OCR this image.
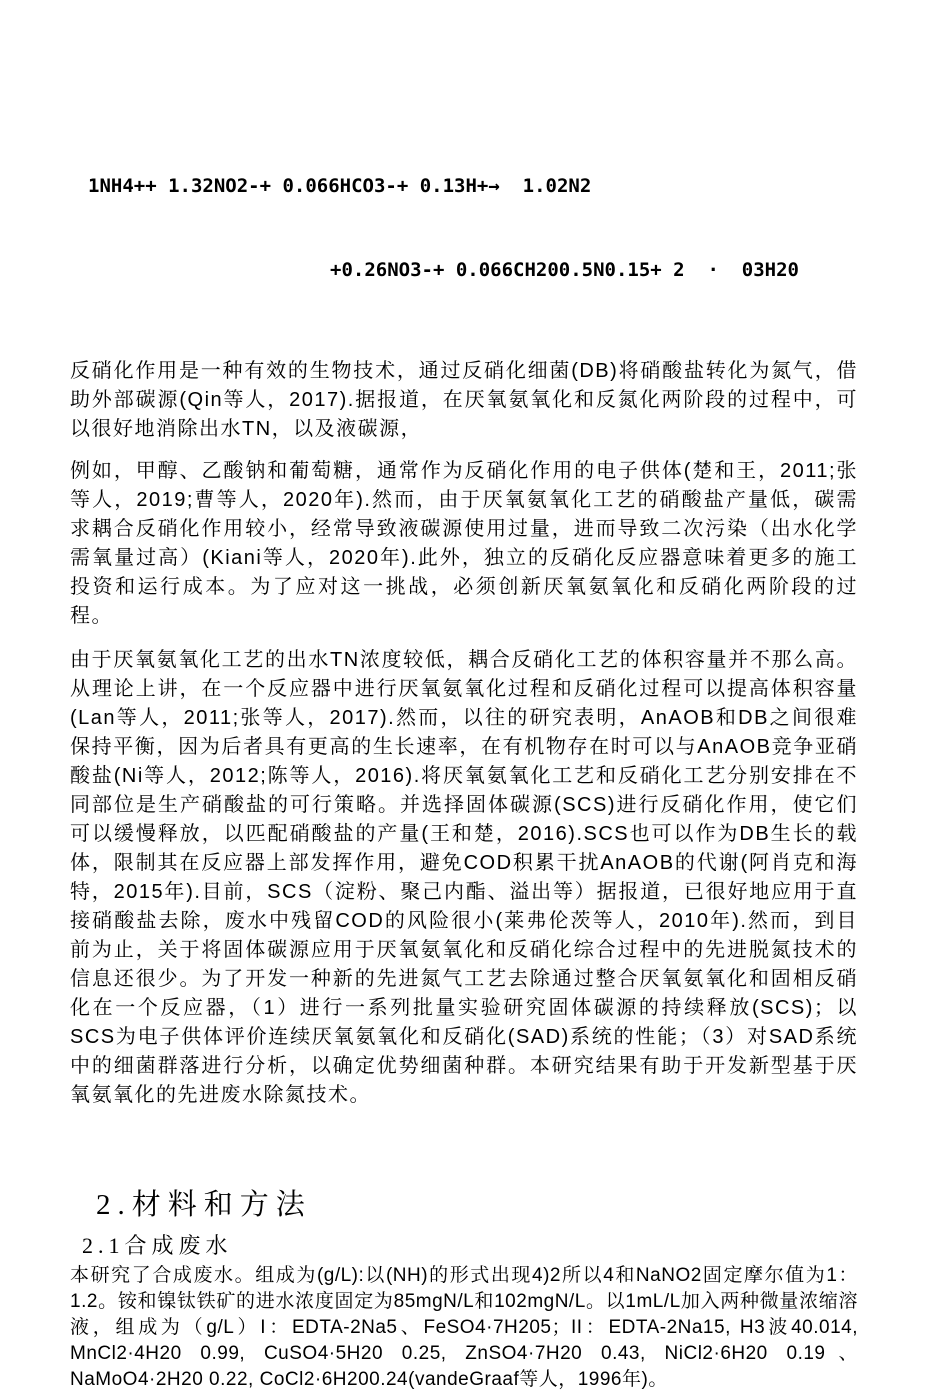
1NH4++ 1.32NO2-+ 0.066HCO3-+ 0.13H+→  1.02N2

+0.26NO3-+ 0.066CH200.5N0.15+ 2  ·  03H20

反硝化作用是一种有效的生物技术，通过反硝化细菌(DB)将硝酸盐转化为氮气，借助外部碳源(Qin等人，2017).据报道，在厌氧氨氧化和反氮化两阶段的过程中，可以很好地消除出水TN，以及液碳源，

例如，甲醇、乙酸钠和葡萄糖，通常作为反硝化作用的电子供体(楚和王，2011;张等人，2019;曹等人，2020年).然而，由于厌氧氨氧化工艺的硝酸盐产量低，碳需求耦合反硝化作用较小，经常导致液碳源使用过量，进而导致二次污染（出水化学需氧量过高）(Kiani等人，2020年).此外，独立的反硝化反应器意味着更多的施工投资和运行成本。为了应对这一挑战，必须创新厌氧氨氧化和反硝化两阶段的过程。

由于厌氧氨氧化工艺的出水TN浓度较低，耦合反硝化工艺的体积容量并不那么高。从理论上讲，在一个反应器中进行厌氧氨氧化过程和反硝化过程可以提高体积容量(Lan等人，2011;张等人，2017).然而，以往的研究表明，AnAOB和DB之间很难保持平衡，因为后者具有更高的生长速率，在有机物存在时可以与AnAOB竞争亚硝酸盐(Ni等人，2012;陈等人，2016).将厌氧氨氧化工艺和反硝化工艺分别安排在不同部位是生产硝酸盐的可行策略。并选择固体碳源(SCS)进行反硝化作用，使它们可以缓慢释放，以匹配硝酸盐的产量(王和楚，2016).SCS也可以作为DB生长的载体，限制其在反应器上部发挥作用，避免COD积累干扰AnAOB的代谢(阿肖克和海特，2015年).目前，SCS（淀粉、聚己内酯、溢出等）据报道，已很好地应用于直接硝酸盐去除，废水中残留COD的风险很小(莱弗伦茨等人，2010年).然而，到目前为止，关于将固体碳源应用于厌氧氨氧化和反硝化综合过程中的先进脱氮技术的信息还很少。为了开发一种新的先进氮气工艺去除通过整合厌氧氨氧化和固相反硝化在一个反应器，（1）进行一系列批量实验研究固体碳源的持续释放(SCS)；以SCS为电子供体评价连续厌氧氨氧化和反硝化(SAD)系统的性能；（3）对SAD系统中的细菌群落进行分析，以确定优势细菌种群。本研究结果有助于开发新型基于厌氧氨氧化的先进废水除氮技术。

2.材料和方法
2.1合成废水

本研究了合成废水。组成为(g/L):以(NH)的形式出现4)2所以4和NaNO2固定摩尔值为1：1.2。铵和镍钛铁矿的进水浓度固定为85mgN/L和102mgN/L。以1mL/L加入两种微量浓缩溶液，组成为（g/L）I：EDTA-2Na5、FeSO4·7H205；II：EDTA-2Na15, H3波40.014, MnCl2·4H20 0.99, CuSO4·5H20 0.25, ZnSO4·7H20 0.43, NiCl2·6H20 0.19、NaMoO4·2H20 0.22, CoCl2·6H200.24(vandeGraaf等人，1996年)。
